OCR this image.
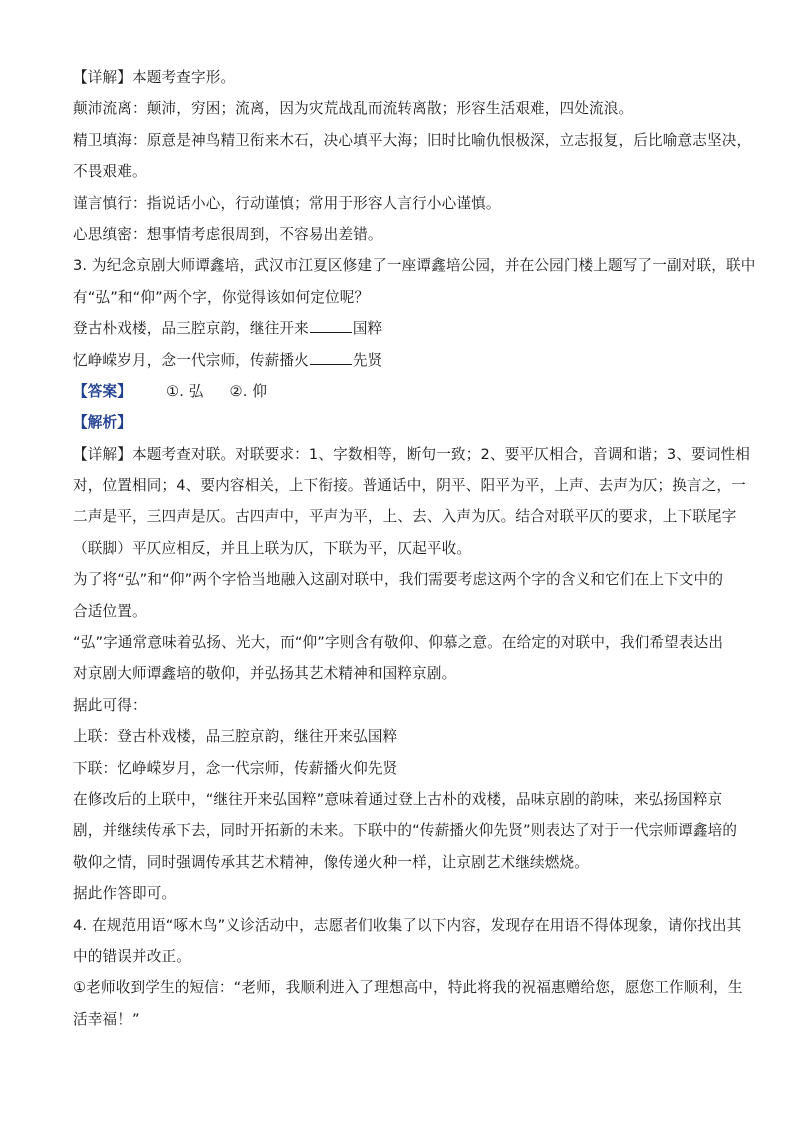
【详解】本题考查字形。
颠沛流离：颠沛，穷困；流离，因为灾荒战乱而流转离散；形容生活艰难，四处流浪。
精卫填海：原意是神鸟精卫衔来木石，决心填平大海；旧时比喻仇恨极深，立志报复，后比喻意志坚决，
不畏艰难。
谨言慎行：指说话小心，行动谨慎；常用于形容人言行小心谨慎。
心思缜密：想事情考虑很周到，不容易出差错。
3. 为纪念京剧大师谭鑫培，武汉市江夏区修建了一座谭鑫培公园，并在公园门楼上题写了一副对联，联中
有“弘”和“仰”两个字，你觉得该如何定位呢？
登古朴戏楼，品三腔京韵，继往开来	国粹
忆峥嵘岁月，念一代宗师，传薪播火	先贤
【答案】 ①. 弘 ②. 仰
【解析】
【详解】本题考查对联。对联要求：1、字数相等，断句一致；2、要平仄相合，音调和谐；3、要词性相
对，位置相同；4、要内容相关，上下衔接。普通话中，阴平、阳平为平，上声、去声为仄；换言之，一
二声是平，三四声是仄。古四声中，平声为平，上、去、入声为仄。结合对联平仄的要求，上下联尾字
（联脚）平仄应相反，并且上联为仄，下联为平，仄起平收。
为了将“弘”和“仰”两个字恰当地融入这副对联中，我们需要考虑这两个字的含义和它们在上下文中的
合适位置。
“弘”字通常意味着弘扬、光大，而“仰”字则含有敬仰、仰慕之意。在给定的对联中，我们希望表达出
对京剧大师谭鑫培的敬仰，并弘扬其艺术精神和国粹京剧。
据此可得：
上联：登古朴戏楼，品三腔京韵，继往开来弘国粹
下联：忆峥嵘岁月，念一代宗师，传薪播火仰先贤
在修改后的上联中，“继往开来弘国粹”意味着通过登上古朴的戏楼，品味京剧的韵味，来弘扬国粹京
剧，并继续传承下去，同时开拓新的未来。下联中的“传薪播火仰先贤”则表达了对于一代宗师谭鑫培的
敬仰之情，同时强调传承其艺术精神，像传递火种一样，让京剧艺术继续燃烧。
据此作答即可。
4. 在规范用语“啄木鸟”义诊活动中，志愿者们收集了以下内容，发现存在用语不得体现象，请你找出其
中的错误并改正。
①老师收到学生的短信：“老师，我顺利进入了理想高中，特此将我的祝福惠赠给您，愿您工作顺利，生
活幸福！”
